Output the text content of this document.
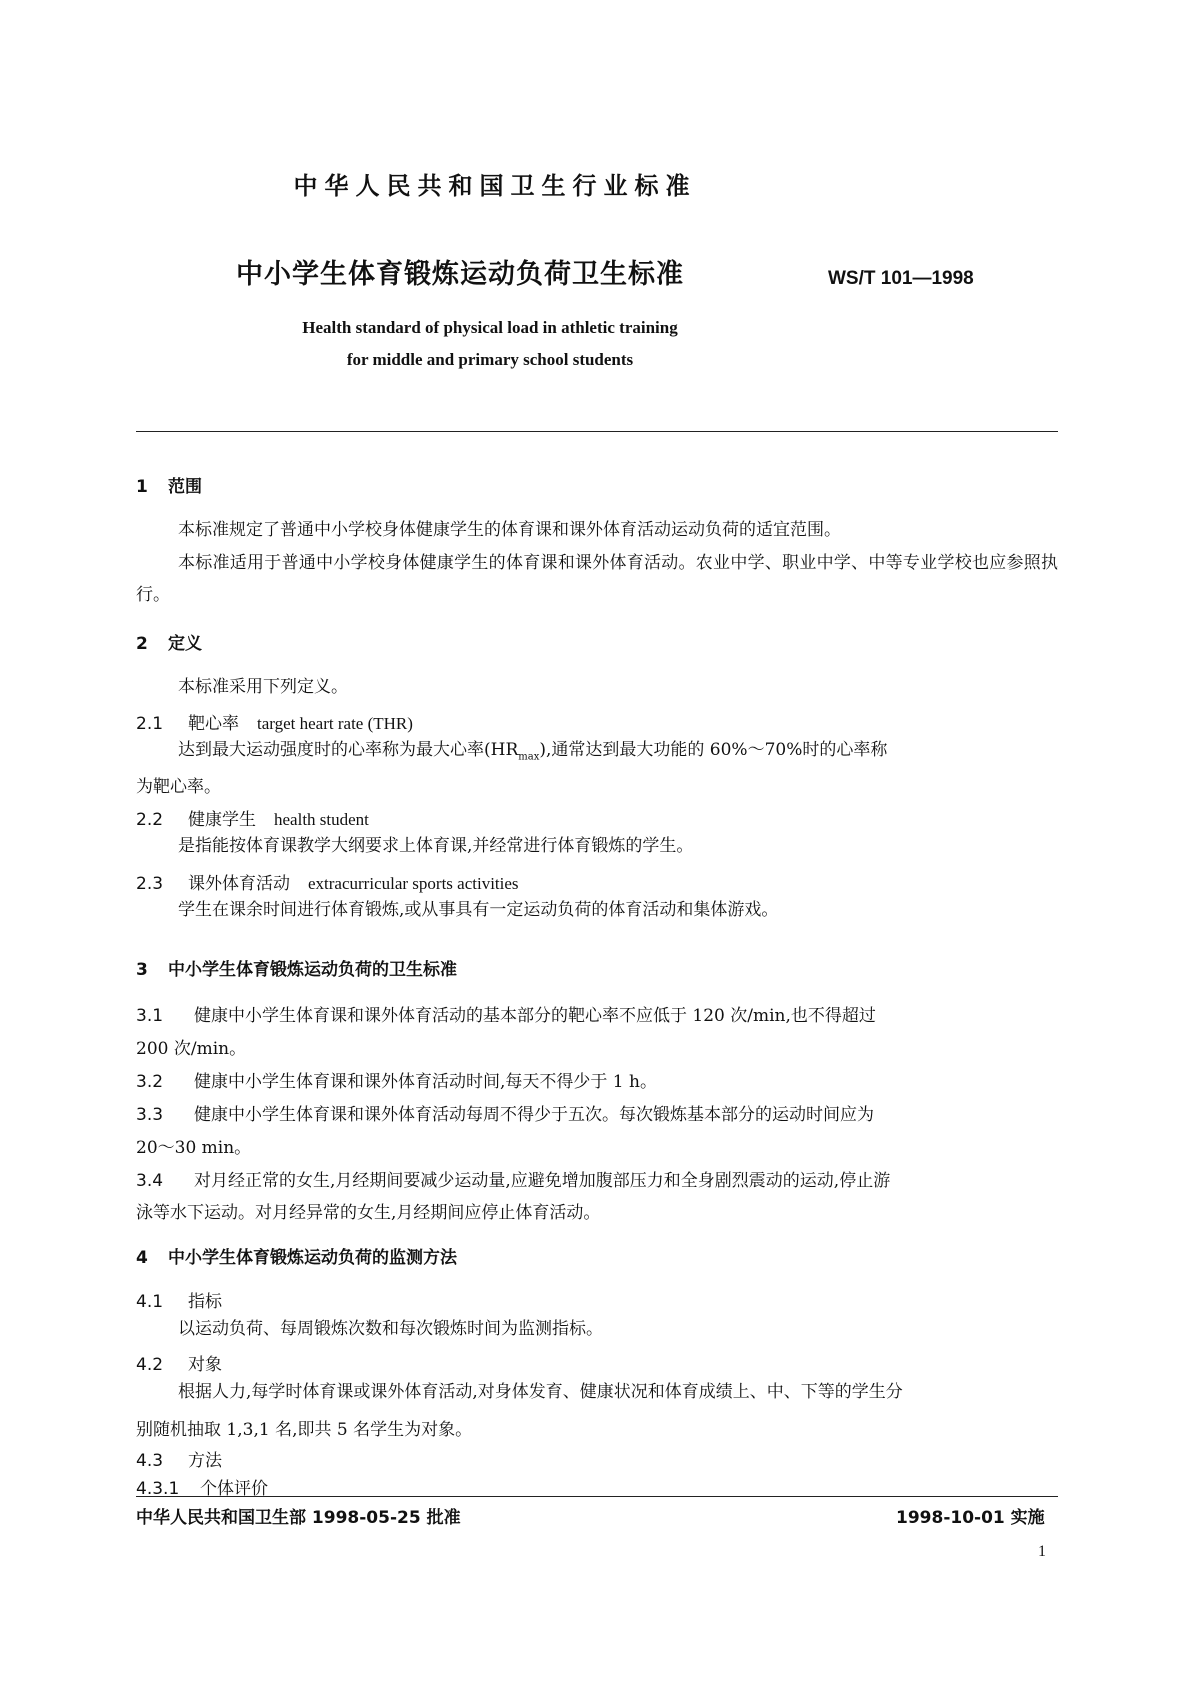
中华人民共和国卫生行业标准
中小学生体育锻炼运动负荷卫生标准	WS/T 101—1998
Health standard of physical load in athletic training
for middle and primary school students
1 范围
本标准规定了普通中小学校身体健康学生的体育课和课外体育活动运动负荷的适宜范围。
本标准适用于普通中小学校身体健康学生的体育课和课外体育活动。农业中学、职业中学、中等专业学校也应参照执行。
2 定义
本标准采用下列定义。
2.1 靶心率 target heart rate (THR)
达到最大运动强度时的心率称为最大心率$(HR_{max})$,通常达到最大功能的 60%～70%时的心率称
为靶心率。
2.2 健康学生 health student
是指能按体育课教学大纲要求上体育课,并经常进行体育锻炼的学生。
2.3 课外体育活动 extracurricular sports activities
学生在课余时间进行体育锻炼,或从事具有一定运动负荷的体育活动和集体游戏。
3 中小学生体育锻炼运动负荷的卫生标准
3.1 健康中小学生体育课和课外体育活动的基本部分的靶心率不应低于 120 次/min,也不得超过
200 次/min。
3.2 健康中小学生体育课和课外体育活动时间,每天不得少于 1 h。
3.3 健康中小学生体育课和课外体育活动每周不得少于五次。每次锻炼基本部分的运动时间应为
20～30 min。
3.4 对月经正常的女生,月经期间要减少运动量,应避免增加腹部压力和全身剧烈震动的运动,停止游
泳等水下运动。对月经异常的女生,月经期间应停止体育活动。
4 中小学生体育锻炼运动负荷的监测方法
4.1 指标
以运动负荷、每周锻炼次数和每次锻炼时间为监测指标。
4.2 对象
根据人力,每学时体育课或课外体育活动,对身体发育、健康状况和体育成绩上、中、下等的学生分
别随机抽取 1,3,1 名,即共 5 名学生为对象。
4.3 方法
4.3.1 个体评价
中华人民共和国卫生部 1998-05-25 批准	1998-10-01 实施
1
